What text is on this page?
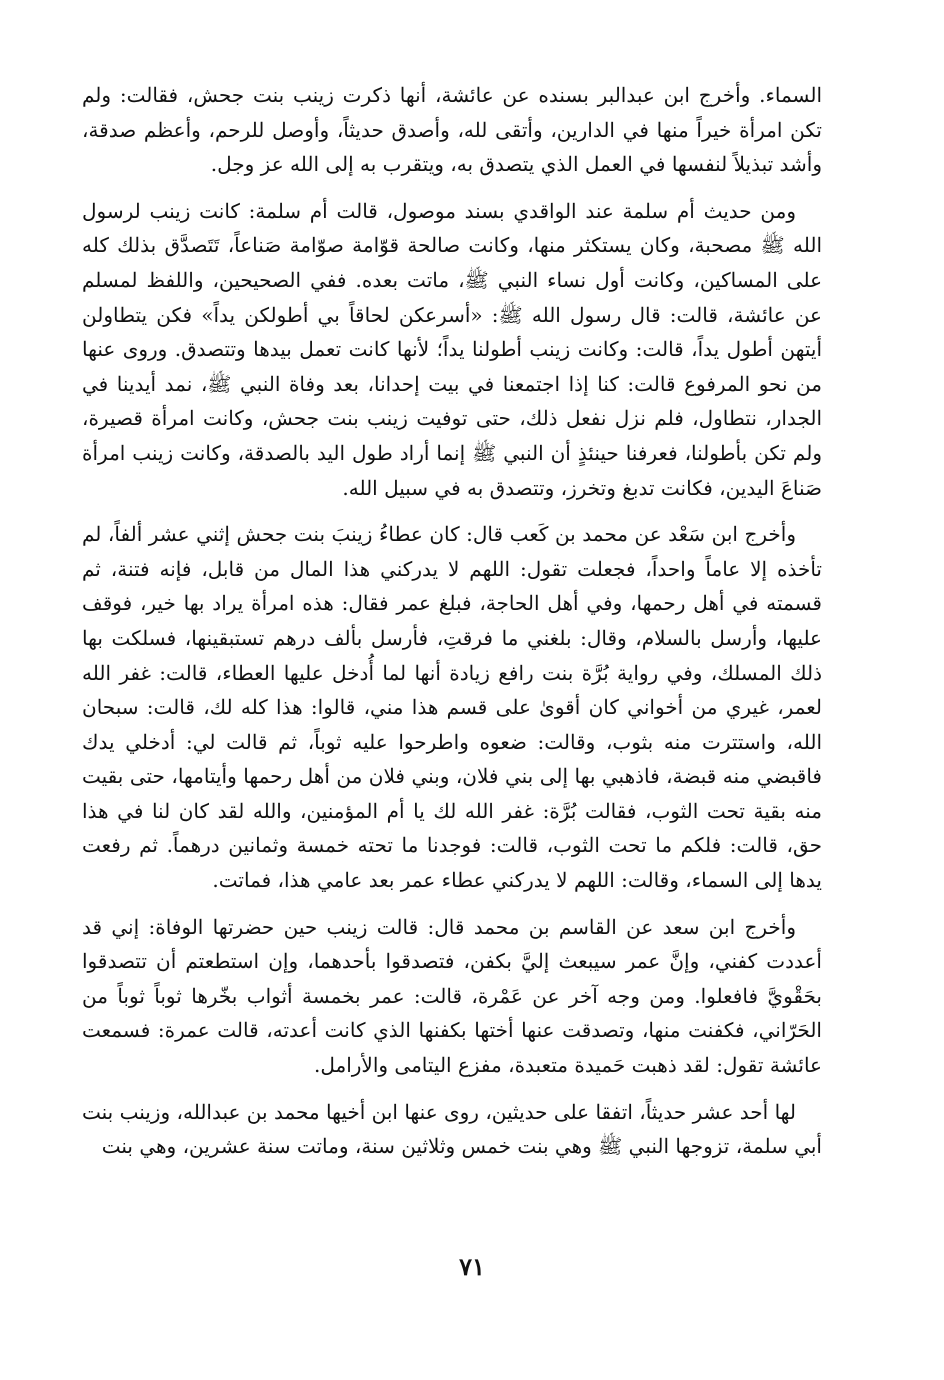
السماء. وأخرج ابن عبدالبر بسنده عن عائشة، أنها ذكرت زينب بنت جحش، فقالت: ولم تكن امرأة خيراً منها في الدارين، وأتقى لله، وأصدق حديثاً، وأوصل للرحم، وأعظم صدقة، وأشد تبذيلاً لنفسها في العمل الذي يتصدق به، ويتقرب به إلى الله عز وجل.

ومن حديث أم سلمة عند الواقدي بسند موصول، قالت أم سلمة: كانت زينب لرسول الله ﷺ مصحبة، وكان يستكثر منها، وكانت صالحة قوّامة صوّامة صَناعاً، تَتَصدَّق بذلك كله على المساكين، وكانت أول نساء النبي ﷺ، ماتت بعده. ففي الصحيحين، واللفظ لمسلم عن عائشة، قالت: قال رسول الله ﷺ: «أسرعكن لحاقاً بي أطولكن يداً» فكن يتطاولن أيتهن أطول يداً، قالت: وكانت زينب أطولنا يداً؛ لأنها كانت تعمل بيدها وتتصدق. وروى عنها من نحو المرفوع قالت: كنا إذا اجتمعنا في بيت إحدانا، بعد وفاة النبي ﷺ، نمد أيدينا في الجدار، نتطاول، فلم نزل نفعل ذلك، حتى توفيت زينب بنت جحش، وكانت امرأة قصيرة، ولم تكن بأطولنا، فعرفنا حينئذٍ أن النبي ﷺ إنما أراد طول اليد بالصدقة، وكانت زينب امرأة صَناعَ اليدين، فكانت تدبغ وتخرز، وتتصدق به في سبيل الله.

وأخرج ابن سَعْد عن محمد بن كَعب قال: كان عطاءُ زينبَ بنت جحش إثني عشر ألفاً، لم تأخذه إلا عاماً واحداً، فجعلت تقول: اللهم لا يدركني هذا المال من قابل، فإنه فتنة، ثم قسمته في أهل رحمها، وفي أهل الحاجة، فبلغ عمر فقال: هذه امرأة يراد بها خير، فوقف عليها، وأرسل بالسلام، وقال: بلغني ما فرقتِ، فأرسل بألف درهم تستبقينها، فسلكت بها ذلك المسلك، وفي رواية بُرَّة بنت رافع زيادة أنها لما أُدخل عليها العطاء، قالت: غفر الله لعمر، غيري من أخواني كان أقوىٰ على قسم هذا مني، قالوا: هذا كله لك، قالت: سبحان الله، واستترت منه بثوب، وقالت: ضعوه واطرحوا عليه ثوباً، ثم قالت لي: أدخلي يدك فاقبضي منه قبضة، فاذهبي بها إلى بني فلان، وبني فلان من أهل رحمها وأيتامها، حتى بقيت منه بقية تحت الثوب، فقالت بُرَّة: غفر الله لك يا أم المؤمنين، والله لقد كان لنا في هذا حق، قالت: فلكم ما تحت الثوب، قالت: فوجدنا ما تحته خمسة وثمانين درهماً. ثم رفعت يدها إلى السماء، وقالت: اللهم لا يدركني عطاء عمر بعد عامي هذا، فماتت.

وأخرج ابن سعد عن القاسم بن محمد قال: قالت زينب حين حضرتها الوفاة: إني قد أعددت كفني، وإنَّ عمر سيبعث إليَّ بكفن، فتصدقوا بأحدهما، وإن استطعتم أن تتصدقوا بحَقْويَّ فافعلوا. ومن وجه آخر عن عَمْرة، قالت: عمر بخمسة أثواب بخّرها ثوباً ثوباً من الحَرّاني، فكفنت منها، وتصدقت عنها أختها بكفنها الذي كانت أعدته، قالت عمرة: فسمعت عائشة تقول: لقد ذهبت حَميدة متعبدة، مفزع اليتامى والأرامل.

لها أحد عشر حديثاً، اتفقا على حديثين، روى عنها ابن أخيها محمد بن عبدالله، وزينب بنت أبي سلمة، تزوجها النبي ﷺ وهي بنت خمس وثلاثين سنة، وماتت سنة عشرين، وهي بنت

٧١
